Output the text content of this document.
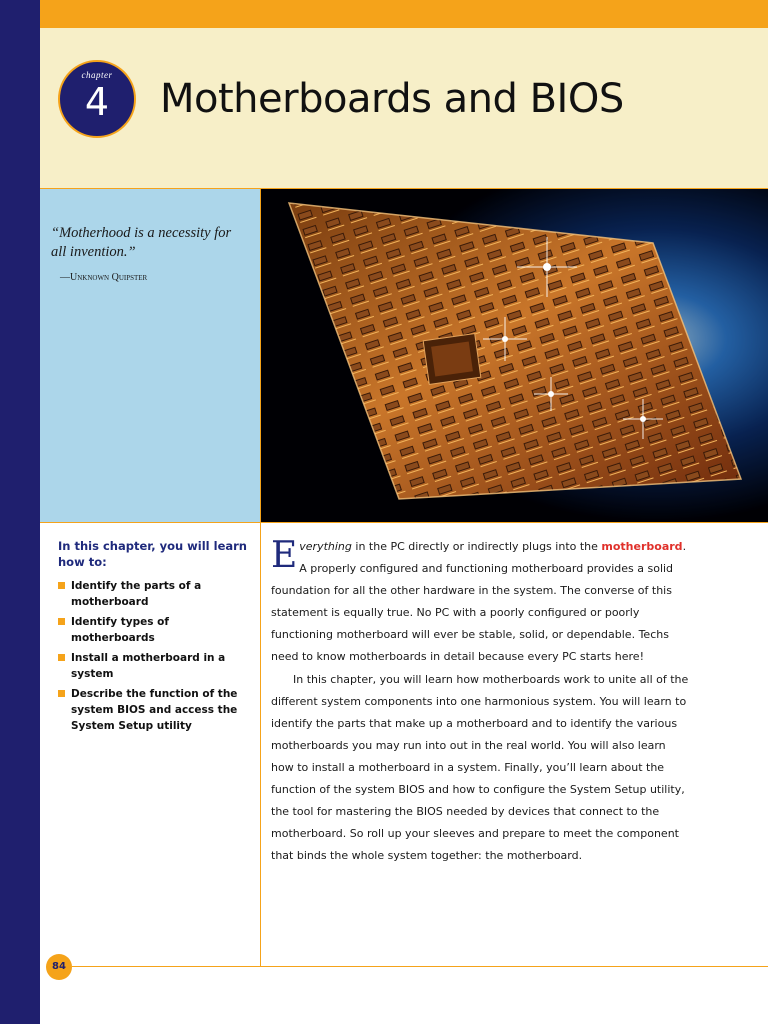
chapter
4	Motherboards and BIOS
“Motherhood is a necessity for all invention.”
—Unknown Quipster
In this chapter, you will learn how to:
Identify the parts of a motherboard
Identify types of motherboards
Install a motherboard in a system
Describe the function of the system BIOS and access the System Setup utility

Everything in the PC directly or indirectly plugs into the motherboard. A properly configured and functioning motherboard provides a solid foundation for all the other hardware in the system. The converse of this statement is equally true. No PC with a poorly configured or poorly functioning motherboard will ever be stable, solid, or dependable. Techs need to know motherboards in detail because every PC starts here!

In this chapter, you will learn how motherboards work to unite all of the different system components into one harmonious system. You will learn to identify the parts that make up a motherboard and to identify the various motherboards you may run into out in the real world. You will also learn how to install a motherboard in a system. Finally, you’ll learn about the function of the system BIOS and how to configure the System Setup utility, the tool for mastering the BIOS needed by devices that connect to the motherboard. So roll up your sleeves and prepare to meet the component that binds the whole system together: the motherboard.

84
